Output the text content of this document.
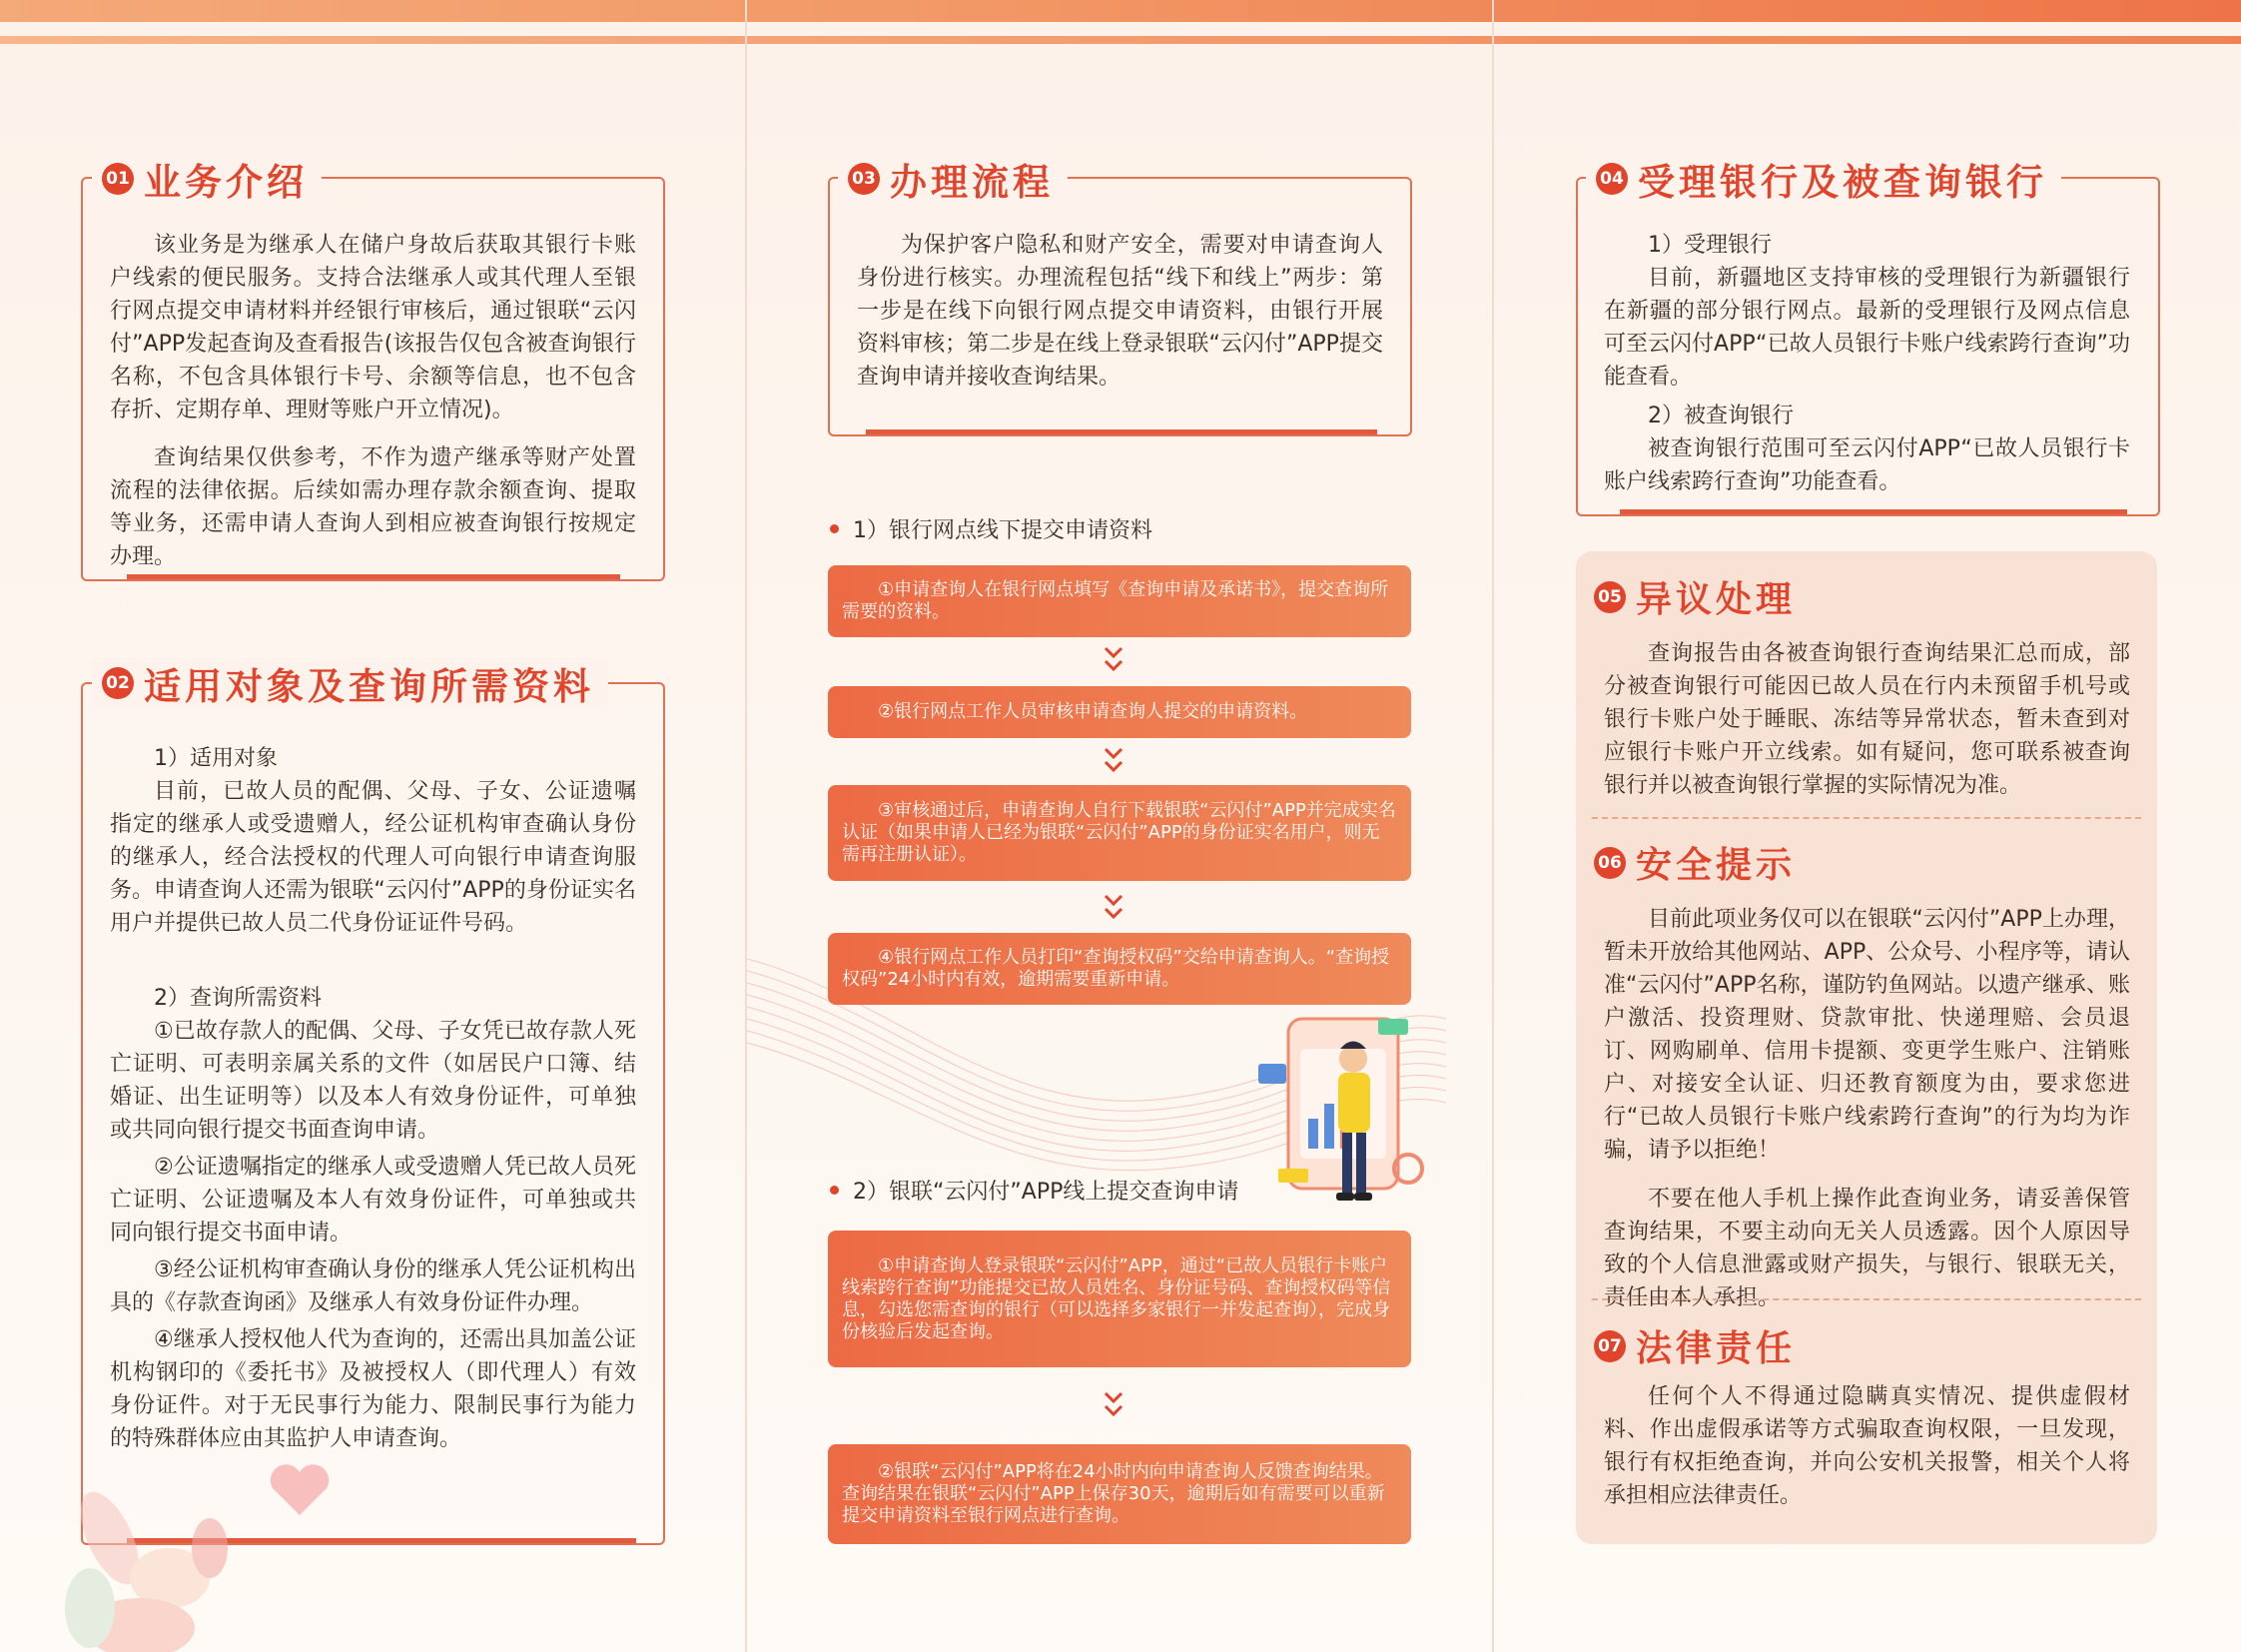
01 业务介绍

该业务是为继承人在储户身故后获取其银行卡账户线索的便民服务。支持合法继承人或其代理人至银行网点提交申请材料并经银行审核后，通过银联“云闪付”APP发起查询及查看报告(该报告仅包含被查询银行名称，不包含具体银行卡号、余额等信息，也不包含存折、定期存单、理财等账户开立情况)。

查询结果仅供参考，不作为遗产继承等财产处置流程的法律依据。后续如需办理存款余额查询、提取等业务，还需申请人查询人到相应被查询银行按规定办理。

02 适用对象及查询所需资料
1）适用对象

目前，已故人员的配偶、父母、子女、公证遗嘱指定的继承人或受遗赠人，经公证机构审查确认身份的继承人，经合法授权的代理人可向银行申请查询服务。申请查询人还需为银联“云闪付”APP的身份证实名用户并提供已故人员二代身份证证件号码。

2）查询所需资料

①已故存款人的配偶、父母、子女凭已故存款人死亡证明、可表明亲属关系的文件（如居民户口簿、结婚证、出生证明等）以及本人有效身份证件，可单独或共同向银行提交书面查询申请。

②公证遗嘱指定的继承人或受遗赠人凭已故人员死亡证明、公证遗嘱及本人有效身份证件，可单独或共同向银行提交书面申请。

③经公证机构审查确认身份的继承人凭公证机构出具的《存款查询函》及继承人有效身份证件办理。

④继承人授权他人代为查询的，还需出具加盖公证机构钢印的《委托书》及被授权人（即代理人）有效身份证件。对于无民事行为能力、限制民事行为能力的特殊群体应由其监护人申请查询。

03 办理流程

为保护客户隐私和财产安全，需要对申请查询人身份进行核实。办理流程包括“线下和线上”两步：第一步是在线下向银行网点提交申请资料，由银行开展资料审核；第二步是在线上登录银联“云闪付”APP提交查询申请并接收查询结果。

1）银行网点线下提交申请资料
①申请查询人在银行网点填写《查询申请及承诺书》，提交查询所需要的资料。
②银行网点工作人员审核申请查询人提交的申请资料。
③审核通过后，申请查询人自行下载银联“云闪付”APP并完成实名认证（如果申请人已经为银联“云闪付”APP的身份证实名用户，则无需再注册认证）。
④银行网点工作人员打印“查询授权码”交给申请查询人。“查询授权码”24小时内有效，逾期需要重新申请。
2）银联“云闪付”APP线上提交查询申请
①申请查询人登录银联“云闪付”APP，通过“已故人员银行卡账户线索跨行查询”功能提交已故人员姓名、身份证号码、查询授权码等信息，勾选您需查询的银行（可以选择多家银行一并发起查询），完成身份核验后发起查询。
②银联“云闪付”APP将在24小时内向申请查询人反馈查询结果。查询结果在银联“云闪付”APP上保存30天，逾期后如有需要可以重新提交申请资料至银行网点进行查询。
04 受理银行及被查询银行
1）受理银行

目前，新疆地区支持审核的受理银行为新疆银行在新疆的部分银行网点。最新的受理银行及网点信息可至云闪付APP“已故人员银行卡账户线索跨行查询”功能查看。

2）被查询银行

被查询银行范围可至云闪付APP“已故人员银行卡账户线索跨行查询”功能查看。

05 异议处理

查询报告由各被查询银行查询结果汇总而成，部分被查询银行可能因已故人员在行内未预留手机号或银行卡账户处于睡眠、冻结等异常状态，暂未查到对应银行卡账户开立线索。如有疑问，您可联系被查询银行并以被查询银行掌握的实际情况为准。

06 安全提示

目前此项业务仅可以在银联“云闪付”APP上办理，暂未开放给其他网站、APP、公众号、小程序等，请认准“云闪付”APP名称，谨防钓鱼网站。以遗产继承、账户激活、投资理财、贷款审批、快递理赔、会员退订、网购刷单、信用卡提额、变更学生账户、注销账户、对接安全认证、归还教育额度为由，要求您进行“已故人员银行卡账户线索跨行查询”的行为均为诈骗，请予以拒绝！

不要在他人手机上操作此查询业务，请妥善保管查询结果，不要主动向无关人员透露。因个人原因导致的个人信息泄露或财产损失，与银行、银联无关，责任由本人承担。

07 法律责任

任何个人不得通过隐瞒真实情况、提供虚假材料、作出虚假承诺等方式骗取查询权限，一旦发现，银行有权拒绝查询，并向公安机关报警，相关个人将承担相应法律责任。
